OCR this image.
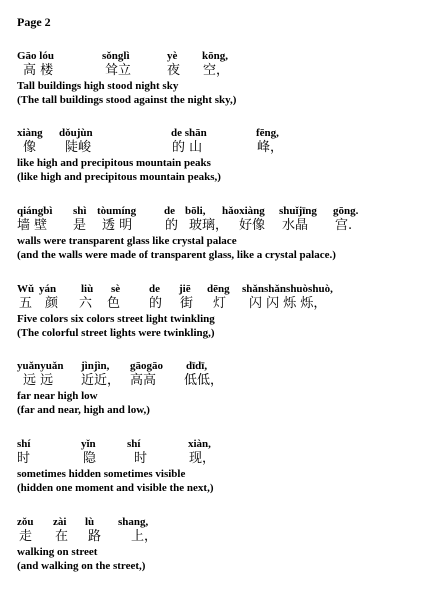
Page 2
Gāo lóu	sǒnglì	yè kōng,
高 楼	耸立	夜 空，
Tall buildings high stood night sky
(The tall buildings stood against the night sky,)
xiàng dǒujùn	de shān	fēng,
像 陡峻	的 山	峰，
like high and precipitous mountain peaks
(like high and precipitous mountain peaks,)
qiángbì shì tòumíng	de bōli, hǎoxiàng shuǐjīng gōng.
墙 壁 是 透 明	的 玻璃， 好像 水晶 宫.
walls were transparent glass like crystal palace
(and the walls were made of transparent glass, like a crystal palace.)
Wǔ yán liù sè	de jiē dēng shǎnshǎnshuòshuò,
五 颜 六 色 的 街 灯 闪 闪 烁 烁，
Five colors six colors street light twinkling
(The colorful street lights were twinkling,)
yuǎnyuǎn jìnjìn, gāogāo dīdī,
远 远 近近， 高高 低低，
far near high low
(far and near, high and low,)
shí	yǐn	shí	xiàn,
时	隐	时	现，
sometimes hidden sometimes visible
(hidden one moment and visible the next,)
zǒu zài lù shang,
走 在 路 上，
walking on street
(and walking on the street,)
